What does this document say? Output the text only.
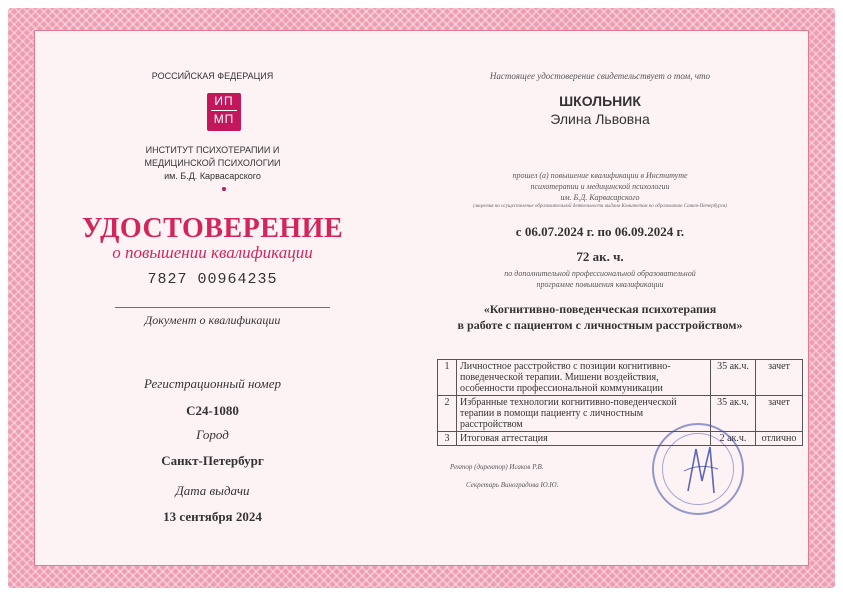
РОССИЙСКАЯ ФЕДЕРАЦИЯ
ИП
МП
ИНСТИТУТ ПСИХОТЕРАПИИ И
МЕДИЦИНСКОЙ ПСИХОЛОГИИ
им. Б.Д. Карвасарского
УДОСТОВЕРЕНИЕ
о повышении квалификации
7827 00964235
Документ о квалификации
Регистрационный номер
С24-1080
Город
Санкт-Петербург
Дата выдачи
13 сентября 2024
Настоящее удостоверение свидетельствует о том, что
ШКОЛЬНИК
Элина Львовна
прошел (а) повышение квалификации в Институте
психотерапии и медицинской психологии
им. Б.Д. Карвасарского
(лицензия на осуществление образовательной деятельности выдана Комитетом по образованию Санкт-Петербурга)
с 06.07.2024 г. по 06.09.2024 г.
72 ак. ч.
по дополнительной профессиональной образовательной
программе повышения квалификации
«Когнитивно-поведенческая психотерапия
в работе с пациентом с личностным расстройством»
1	Личностное расстройство с позиции когнитивно-поведенческой терапии. Мишени воздействия, особенности профессиональной коммуникации	35 ак.ч.	зачет
2	Избранные технологии когнитивно-поведенческой терапии в помощи пациенту с личностным расстройством	35 ак.ч.	зачет
3	Итоговая аттестация	2 ак.ч.	отлично
Ректор (директор) Исаков Р.В.
Секретарь Виноградова Ю.Ю.
